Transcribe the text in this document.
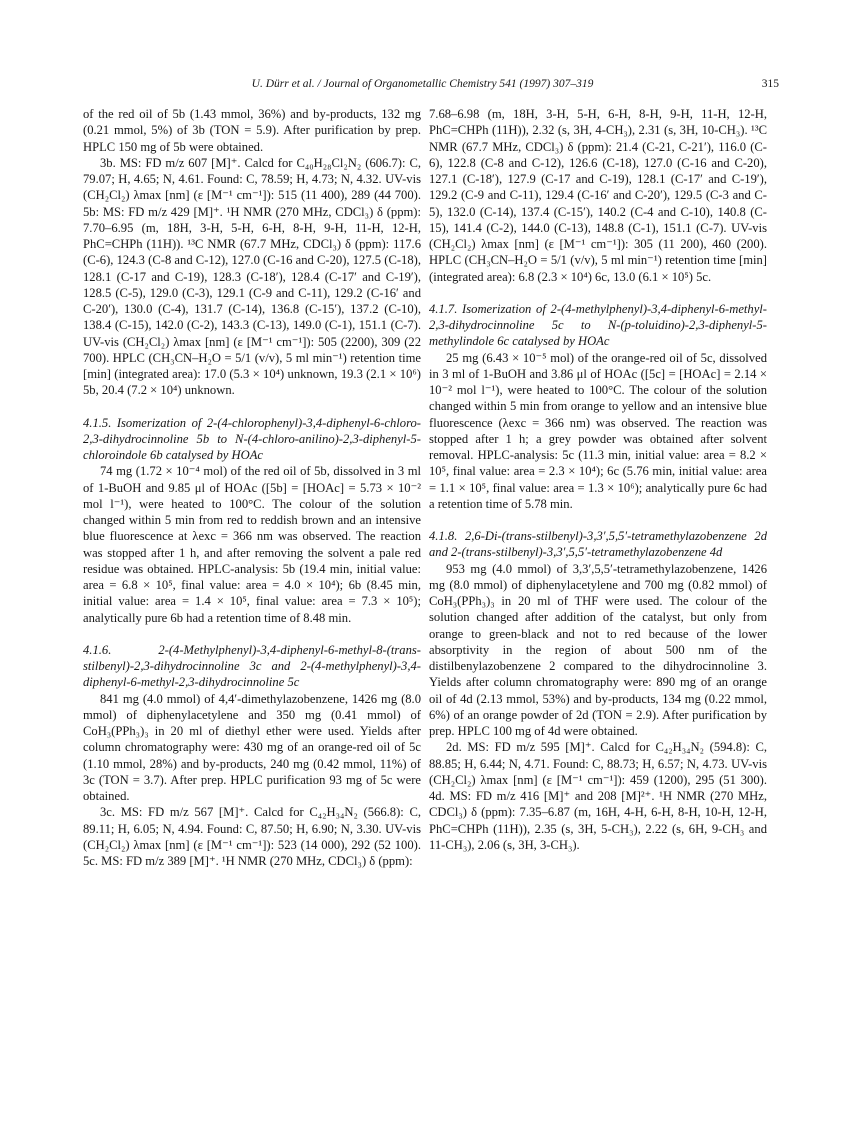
U. Dürr et al. / Journal of Organometallic Chemistry 541 (1997) 307–319	315

of the red oil of 5b (1.43 mmol, 36%) and by-products, 132 mg (0.21 mmol, 5%) of 3b (TON = 5.9). After purification by prep. HPLC 150 mg of 5b were obtained.

3b. MS: FD m/z 607 [M]⁺. Calcd for C₄₀H₂₈Cl₂N₂ (606.7): C, 79.07; H, 4.65; N, 4.61. Found: C, 78.59; H, 4.73; N, 4.32. UV-vis (CH₂Cl₂) λmax [nm] (ε [M⁻¹ cm⁻¹]): 515 (11 400), 289 (44 700). 5b: MS: FD m/z 429 [M]⁺. ¹H NMR (270 MHz, CDCl₃) δ (ppm): 7.70–6.95 (m, 18H, 3-H, 5-H, 6-H, 8-H, 9-H, 11-H, 12-H, PhC=CHPh (11H)). ¹³C NMR (67.7 MHz, CDCl₃) δ (ppm): 117.6 (C-6), 124.3 (C-8 and C-12), 127.0 (C-16 and C-20), 127.5 (C-18), 128.1 (C-17 and C-19), 128.3 (C-18′), 128.4 (C-17′ and C-19′), 128.5 (C-5), 129.0 (C-3), 129.1 (C-9 and C-11), 129.2 (C-16′ and C-20′), 130.0 (C-4), 131.7 (C-14), 136.8 (C-15′), 137.2 (C-10), 138.4 (C-15), 142.0 (C-2), 143.3 (C-13), 149.0 (C-1), 151.1 (C-7). UV-vis (CH₂Cl₂) λmax [nm] (ε [M⁻¹ cm⁻¹]): 505 (2200), 309 (22 700). HPLC (CH₃CN–H₂O = 5/1 (v/v), 5 ml min⁻¹) retention time [min] (integrated area): 17.0 (5.3 × 10⁴) unknown, 19.3 (2.1 × 10⁶) 5b, 20.4 (7.2 × 10⁴) unknown.

4.1.5. Isomerization of 2-(4-chlorophenyl)-3,4-diphenyl-6-chloro-2,3-dihydrocinnoline 5b to N-(4-chloro-anilino)-2,3-diphenyl-5-chloroindole 6b catalysed by HOAc

74 mg (1.72 × 10⁻⁴ mol) of the red oil of 5b, dissolved in 3 ml of 1-BuOH and 9.85 μl of HOAc ([5b] = [HOAc] = 5.73 × 10⁻² mol l⁻¹), were heated to 100°C. The colour of the solution changed within 5 min from red to reddish brown and an intensive blue fluorescence at λexc = 366 nm was observed. The reaction was stopped after 1 h, and after removing the solvent a pale red residue was obtained. HPLC-analysis: 5b (19.4 min, initial value: area = 6.8 × 10⁵, final value: area = 4.0 × 10⁴); 6b (8.45 min, initial value: area = 1.4 × 10⁵, final value: area = 7.3 × 10⁵); analytically pure 6b had a retention time of 8.48 min.

4.1.6. 2-(4-Methylphenyl)-3,4-diphenyl-6-methyl-8-(trans-stilbenyl)-2,3-dihydrocinnoline 3c and 2-(4-methylphenyl)-3,4-diphenyl-6-methyl-2,3-dihydrocinnoline 5c

841 mg (4.0 mmol) of 4,4′-dimethylazobenzene, 1426 mg (8.0 mmol) of diphenylacetylene and 350 mg (0.41 mmol) of CoH₃(PPh₃)₃ in 20 ml of diethyl ether were used. Yields after column chromatography were: 430 mg of an orange-red oil of 5c (1.10 mmol, 28%) and by-products, 240 mg (0.42 mmol, 11%) of 3c (TON = 3.7). After prep. HPLC purification 93 mg of 5c were obtained.

3c. MS: FD m/z 567 [M]⁺. Calcd for C₄₂H₃₄N₂ (566.8): C, 89.11; H, 6.05; N, 4.94. Found: C, 87.50; H, 6.90; N, 3.30. UV-vis (CH₂Cl₂) λmax [nm] (ε [M⁻¹ cm⁻¹]): 523 (14 000), 292 (52 100). 5c. MS: FD m/z 389 [M]⁺. ¹H NMR (270 MHz, CDCl₃) δ (ppm):

7.68–6.98 (m, 18H, 3-H, 5-H, 6-H, 8-H, 9-H, 11-H, 12-H, PhC=CHPh (11H)), 2.32 (s, 3H, 4-CH₃), 2.31 (s, 3H, 10-CH₃). ¹³C NMR (67.7 MHz, CDCl₃) δ (ppm): 21.4 (C-21, C-21′), 116.0 (C-6), 122.8 (C-8 and C-12), 126.6 (C-18), 127.0 (C-16 and C-20), 127.1 (C-18′), 127.9 (C-17 and C-19), 128.1 (C-17′ and C-19′), 129.2 (C-9 and C-11), 129.4 (C-16′ and C-20′), 129.5 (C-3 and C-5), 132.0 (C-14), 137.4 (C-15′), 140.2 (C-4 and C-10), 140.8 (C-15), 141.4 (C-2), 144.0 (C-13), 148.8 (C-1), 151.1 (C-7). UV-vis (CH₂Cl₂) λmax [nm] (ε [M⁻¹ cm⁻¹]): 305 (11 200), 460 (200). HPLC (CH₃CN–H₂O = 5/1 (v/v), 5 ml min⁻¹) retention time [min] (integrated area): 6.8 (2.3 × 10⁴) 6c, 13.0 (6.1 × 10⁵) 5c.

4.1.7. Isomerization of 2-(4-methylphenyl)-3,4-diphenyl-6-methyl-2,3-dihydrocinnoline 5c to N-(p-toluidino)-2,3-diphenyl-5-methylindole 6c catalysed by HOAc

25 mg (6.43 × 10⁻⁵ mol) of the orange-red oil of 5c, dissolved in 3 ml of 1-BuOH and 3.86 μl of HOAc ([5c] = [HOAc] = 2.14 × 10⁻² mol l⁻¹), were heated to 100°C. The colour of the solution changed within 5 min from orange to yellow and an intensive blue fluorescence (λexc = 366 nm) was observed. The reaction was stopped after 1 h; a grey powder was obtained after solvent removal. HPLC-analysis: 5c (11.3 min, initial value: area = 8.2 × 10⁵, final value: area = 2.3 × 10⁴); 6c (5.76 min, initial value: area = 1.1 × 10⁵, final value: area = 1.3 × 10⁶); analytically pure 6c had a retention time of 5.78 min.

4.1.8. 2,6-Di-(trans-stilbenyl)-3,3′,5,5′-tetramethylazobenzene 2d and 2-(trans-stilbenyl)-3,3′,5,5′-tetramethylazobenzene 4d

953 mg (4.0 mmol) of 3,3′,5,5′-tetramethylazobenzene, 1426 mg (8.0 mmol) of diphenylacetylene and 700 mg (0.82 mmol) of CoH₃(PPh₃)₃ in 20 ml of THF were used. The colour of the solution changed after addition of the catalyst, but only from orange to green-black and not to red because of the lower absorptivity in the region of about 500 nm of the distilbenylazobenzene 2 compared to the dihydrocinnoline 3. Yields after column chromatography were: 890 mg of an orange oil of 4d (2.13 mmol, 53%) and by-products, 134 mg (0.22 mmol, 6%) of an orange powder of 2d (TON = 2.9). After purification by prep. HPLC 100 mg of 4d were obtained.

2d. MS: FD m/z 595 [M]⁺. Calcd for C₄₂H₃₄N₂ (594.8): C, 88.85; H, 6.44; N, 4.71. Found: C, 88.73; H, 6.57; N, 4.73. UV-vis (CH₂Cl₂) λmax [nm] (ε [M⁻¹ cm⁻¹]): 459 (1200), 295 (51 300). 4d. MS: FD m/z 416 [M]⁺ and 208 [M]²⁺. ¹H NMR (270 MHz, CDCl₃) δ (ppm): 7.35–6.87 (m, 16H, 4-H, 6-H, 8-H, 10-H, 12-H, PhC=CHPh (11H)), 2.35 (s, 3H, 5-CH₃), 2.22 (s, 6H, 9-CH₃ and 11-CH₃), 2.06 (s, 3H, 3-CH₃).
